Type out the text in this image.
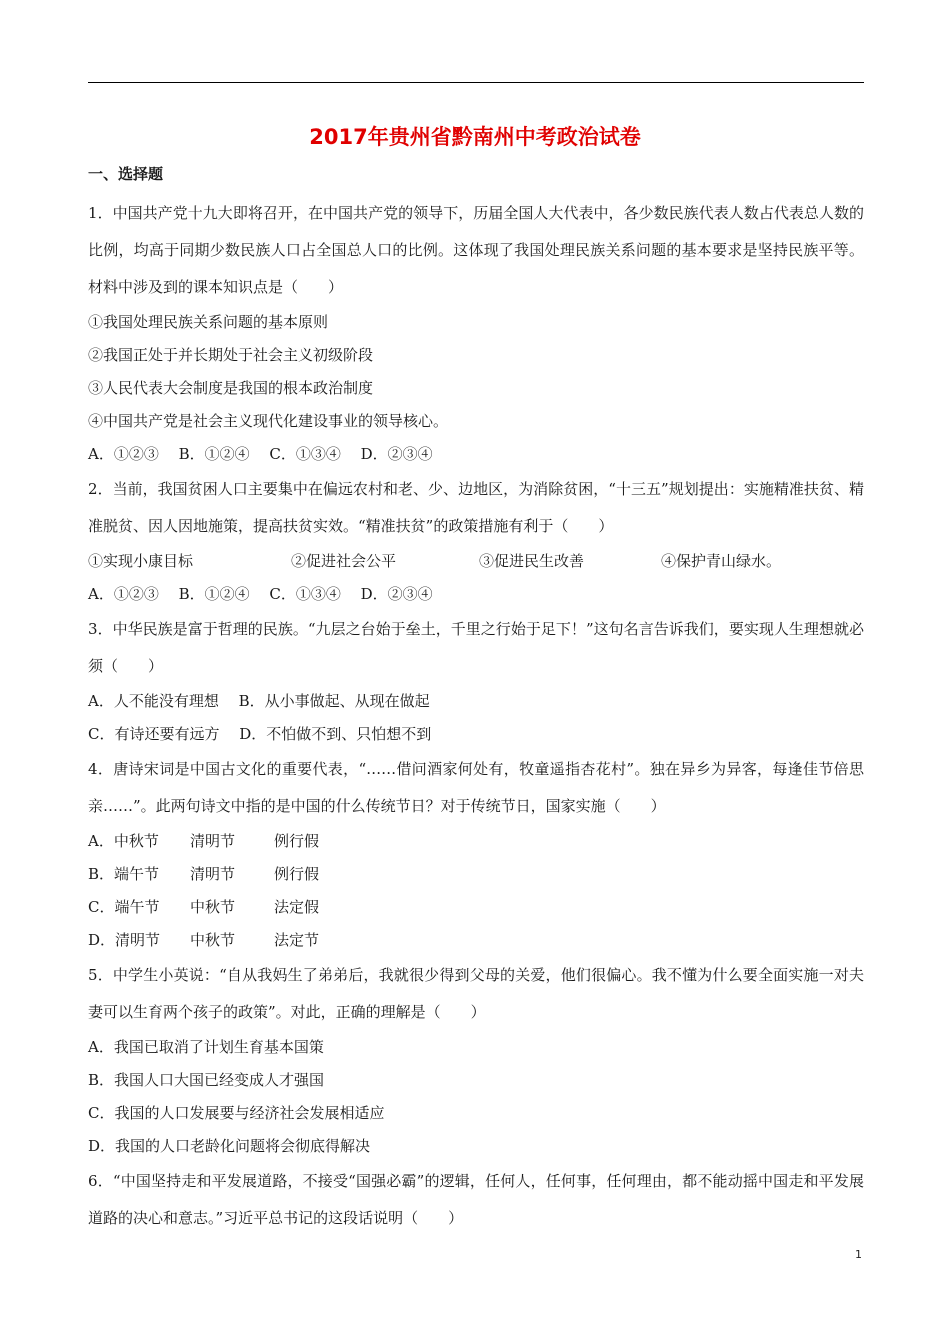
2017年贵州省黔南州中考政治试卷
一、选择题

1．中国共产党十九大即将召开，在中国共产党的领导下，历届全国人大代表中，各少数民族代表人数占代表总人数的比例，均高于同期少数民族人口占全国总人口的比例。这体现了我国处理民族关系问题的基本要求是坚持民族平等。材料中涉及到的课本知识点是（　　）

①我国处理民族关系问题的基本原则

②我国正处于并长期处于社会主义初级阶段

③人民代表大会制度是我国的根本政治制度

④中国共产党是社会主义现代化建设事业的领导核心。

A．①②③　 B．①②④　 C．①③④　 D．②③④

2．当前，我国贫困人口主要集中在偏远农村和老、少、边地区，为消除贫困，“十三五”规划提出：实施精准扶贫、精准脱贫、因人因地施策，提高扶贫实效。“精准扶贫”的政策措施有利于（　　）

①实现小康目标	②促进社会公平	③促进民生改善	④保护青山绿水。

A．①②③　 B．①②④　 C．①③④　 D．②③④

3．中华民族是富于哲理的民族。“九层之台始于垒土，千里之行始于足下！”这句名言告诉我们，要实现人生理想就必须（　　）

A．人不能没有理想　 B．从小事做起、从现在做起

C．有诗还要有远方　 D．不怕做不到、只怕想不到

4．唐诗宋词是中国古文化的重要代表，“……借问酒家何处有，牧童遥指杏花村”。独在异乡为异客，每逢佳节倍思亲……”。此两句诗文中指的是中国的什么传统节日？对于传统节日，国家实施（　　）

A．中秋节	清明节	例行假
B．端午节	清明节	例行假
C．端午节	中秋节	法定假
D．清明节	中秋节	法定节

5．中学生小英说：“自从我妈生了弟弟后，我就很少得到父母的关爱，他们很偏心。我不懂为什么要全面实施一对夫妻可以生育两个孩子的政策”。对此，正确的理解是（　　）

A．我国已取消了计划生育基本国策

B．我国人口大国已经变成人才强国

C．我国的人口发展要与经济社会发展相适应

D．我国的人口老龄化问题将会彻底得解决

6．“中国坚持走和平发展道路，不接受“国强必霸”的逻辑，任何人，任何事，任何理由，都不能动摇中国走和平发展道路的决心和意志。”习近平总书记的这段话说明（　　）

1
